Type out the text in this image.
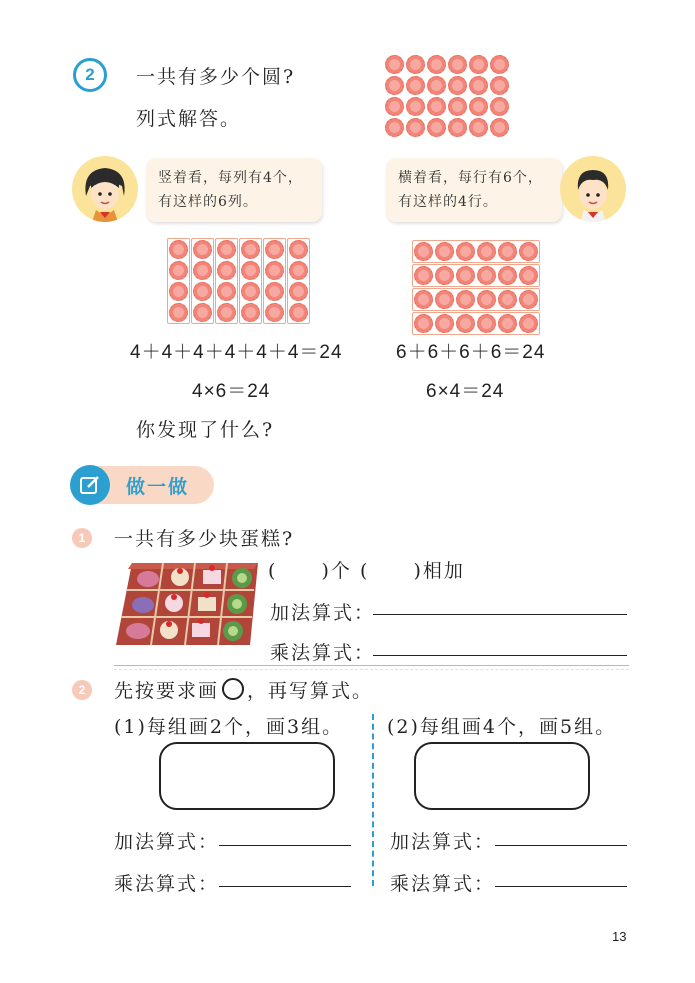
2 一共有多少个圆?
列式解答。
竖着看，每列有4个，
有这样的6列。
横着看，每行有6个，
有这样的4行。
4＋4＋4＋4＋4＋4＝24
4×6＝24
6＋6＋6＋6＝24
6×4＝24
你发现了什么?
做一做
1 一共有多少块蛋糕?
( )个 ( )相加
加法算式：
乘法算式：
2 先按要求画 ，再写算式。
(1)每组画2个，画3组。 (2)每组画4个，画5组。
加法算式：
乘法算式：
加法算式：
乘法算式：
13
